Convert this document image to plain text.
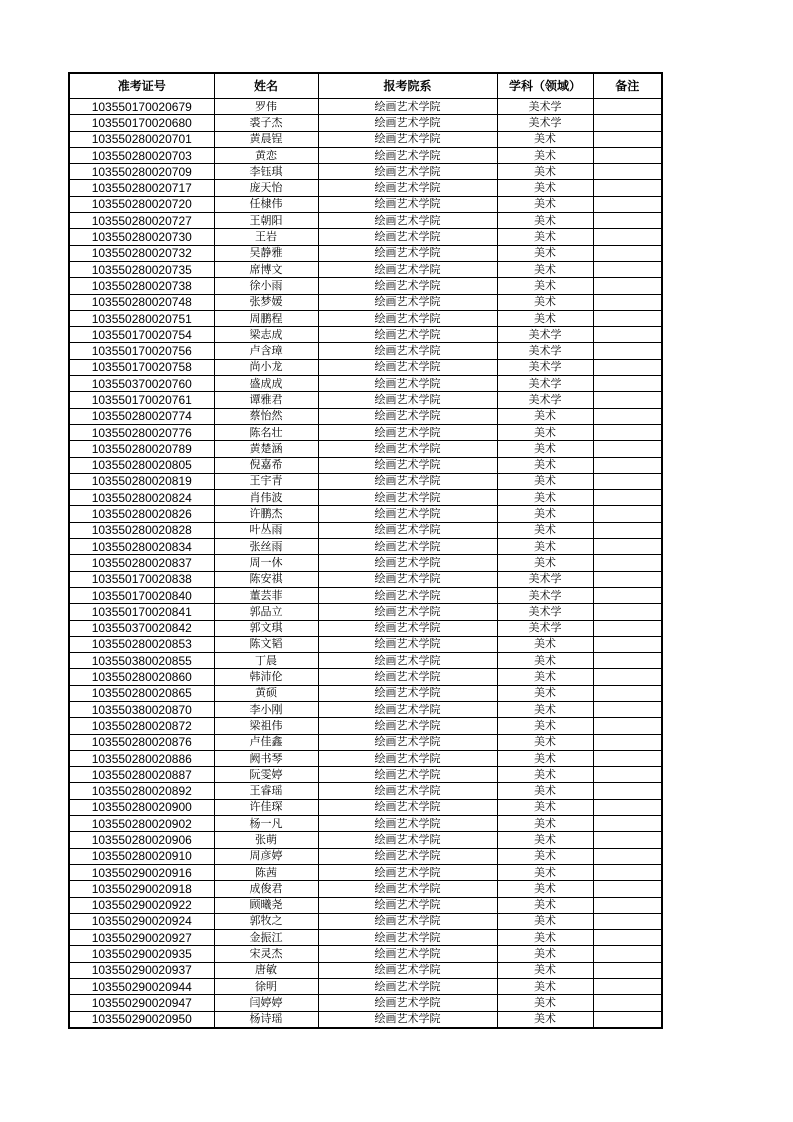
准考证号	姓名	报考院系	学科（领域）	备注
103550170020679	罗伟	绘画艺术学院	美术学	
103550170020680	裘子杰	绘画艺术学院	美术学	
103550280020701	黄晨锃	绘画艺术学院	美术	
103550280020703	黄恋	绘画艺术学院	美术	
103550280020709	李钰琪	绘画艺术学院	美术	
103550280020717	庞天怡	绘画艺术学院	美术	
103550280020720	任棣伟	绘画艺术学院	美术	
103550280020727	王朝阳	绘画艺术学院	美术	
103550280020730	王岩	绘画艺术学院	美术	
103550280020732	吴静雅	绘画艺术学院	美术	
103550280020735	席博文	绘画艺术学院	美术	
103550280020738	徐小雨	绘画艺术学院	美术	
103550280020748	张梦媛	绘画艺术学院	美术	
103550280020751	周鹏程	绘画艺术学院	美术	
103550170020754	梁志成	绘画艺术学院	美术学	
103550170020756	卢含璋	绘画艺术学院	美术学	
103550170020758	尚小龙	绘画艺术学院	美术学	
103550370020760	盛成成	绘画艺术学院	美术学	
103550170020761	谭雅君	绘画艺术学院	美术学	
103550280020774	蔡怡然	绘画艺术学院	美术	
103550280020776	陈名壮	绘画艺术学院	美术	
103550280020789	黄楚涵	绘画艺术学院	美术	
103550280020805	倪嘉希	绘画艺术学院	美术	
103550280020819	王宇青	绘画艺术学院	美术	
103550280020824	肖伟波	绘画艺术学院	美术	
103550280020826	许鹏杰	绘画艺术学院	美术	
103550280020828	叶丛雨	绘画艺术学院	美术	
103550280020834	张丝雨	绘画艺术学院	美术	
103550280020837	周一休	绘画艺术学院	美术	
103550170020838	陈安祺	绘画艺术学院	美术学	
103550170020840	董芸菲	绘画艺术学院	美术学	
103550170020841	郭品立	绘画艺术学院	美术学	
103550370020842	郭文琪	绘画艺术学院	美术学	
103550280020853	陈文韬	绘画艺术学院	美术	
103550380020855	丁晨	绘画艺术学院	美术	
103550280020860	韩沛伦	绘画艺术学院	美术	
103550280020865	黄硕	绘画艺术学院	美术	
103550380020870	李小刚	绘画艺术学院	美术	
103550280020872	梁祖伟	绘画艺术学院	美术	
103550280020876	卢佳鑫	绘画艺术学院	美术	
103550280020886	阙书琴	绘画艺术学院	美术	
103550280020887	阮雯婷	绘画艺术学院	美术	
103550280020892	王睿瑶	绘画艺术学院	美术	
103550280020900	许佳琛	绘画艺术学院	美术	
103550280020902	杨一凡	绘画艺术学院	美术	
103550280020906	张萌	绘画艺术学院	美术	
103550280020910	周彦婷	绘画艺术学院	美术	
103550290020916	陈茜	绘画艺术学院	美术	
103550290020918	成俊君	绘画艺术学院	美术	
103550290020922	顾曦尧	绘画艺术学院	美术	
103550290020924	郭牧之	绘画艺术学院	美术	
103550290020927	金振江	绘画艺术学院	美术	
103550290020935	宋灵杰	绘画艺术学院	美术	
103550290020937	唐敏	绘画艺术学院	美术	
103550290020944	徐明	绘画艺术学院	美术	
103550290020947	闫婷婷	绘画艺术学院	美术	
103550290020950	杨诗瑶	绘画艺术学院	美术	
